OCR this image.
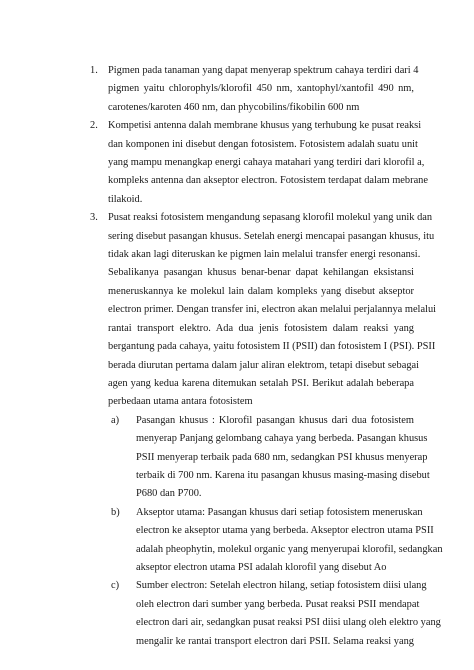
1. Pigmen pada tanaman yang dapat menyerap spektrum cahaya terdiri dari 4
pigmen yaitu chlorophyls/klorofil 450 nm, xantophyl/xantofil 490 nm,
carotenes/karoten 460 nm, dan phycobilins/fikobilin 600 nm

2. Kompetisi antenna dalah membrane khusus yang terhubung ke pusat reaksi
dan komponen ini disebut dengan fotosistem. Fotosistem adalah suatu unit
yang mampu menangkap energi cahaya matahari yang terdiri dari klorofil a,
kompleks antenna dan akseptor electron. Fotosistem terdapat dalam mebrane
tilakoid.

3. Pusat reaksi fotosistem mengandung sepasang klorofil molekul yang unik dan
sering disebut pasangan khusus. Setelah energi mencapai pasangan khusus, itu
tidak akan lagi diteruskan ke pigmen lain melalui transfer energi resonansi.
Sebalikanya pasangan khusus benar-benar dapat kehilangan eksistansi
meneruskannya ke molekul lain dalam kompleks yang disebut akseptor
electron primer. Dengan transfer ini, electron akan melalui perjalannya melalui
rantai transport elektro. Ada dua jenis fotosistem dalam reaksi yang
bergantung pada cahaya, yaitu fotosistem II (PSII) dan fotosistem I (PSI). PSII
berada diurutan pertama dalam jalur aliran elektrom, tetapi disebut sebagai
agen yang kedua karena ditemukan setalah PSI. Berikut adalah beberapa
perbedaan utama antara fotosistem

a) Pasangan khusus : Klorofil pasangan khusus dari dua fotosistem
menyerap Panjang gelombang cahaya yang berbeda. Pasangan khusus
PSII menyerap terbaik pada 680 nm, sedangkan PSI khusus menyerap
terbaik di 700 nm. Karena itu pasangan khusus masing-masing disebut
P680 dan P700.

b) Akseptor utama: Pasangan khusus dari setiap fotosistem meneruskan
electron ke akseptor utama yang berbeda. Akseptor electron utama PSII
adalah pheophytin, molekul organic yang menyerupai klorofil, sedangkan
akseptor electron utama PSI adalah klorofil yang disebut Ao

c) Sumber electron: Setelah electron hilang, setiap fotosistem diisi ulang
oleh electron dari sumber yang berbeda. Pusat reaksi PSII mendapat
electron dari air, sedangkan pusat reaksi PSI diisi ulang oleh elektro yang
mengalir ke rantai transport electron dari PSII. Selama reaksi yang
